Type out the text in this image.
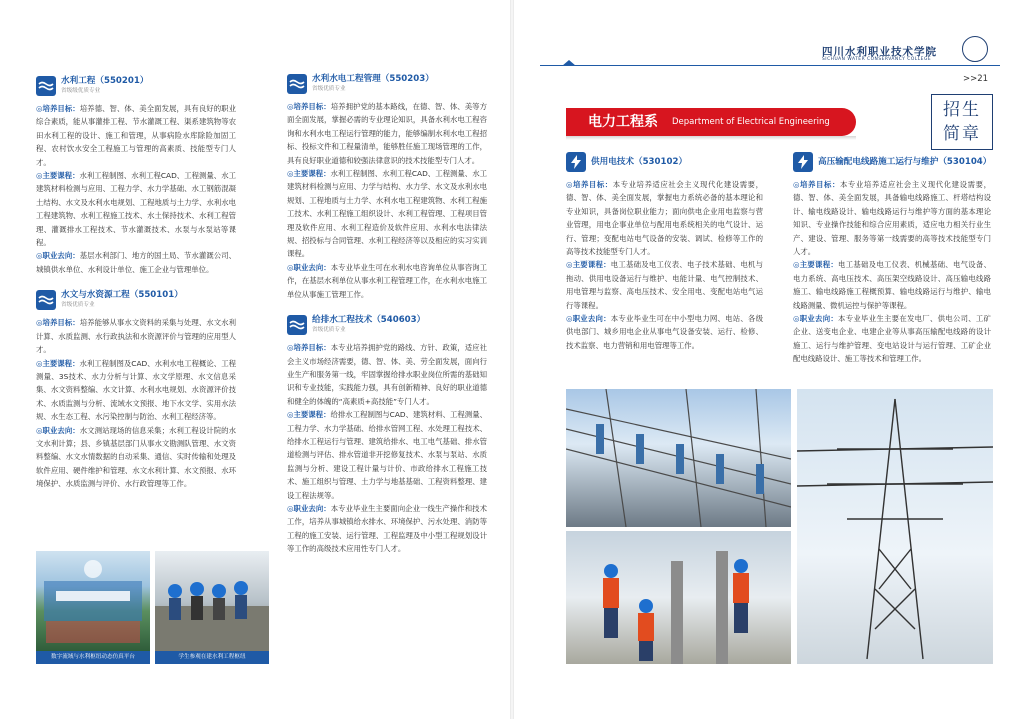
水利工程（550201）
省级级优质专业

◎培养目标：培养德、智、体、美全面发展，具有良好的职业综合素质，能从事灌排工程、节水灌溉工程、渠系建筑物等农田水利工程的设计、施工和管理，从事病险水库除险加固工程、农村饮水安全工程施工与管理的高素质、技能型专门人才。

◎主要课程：水利工程制图、水利工程CAD、工程测量、水工建筑材料检测与应用、工程力学、水力学基础、水工钢筋混凝土结构、水文及水利水电规划、工程地质与土力学、水利水电工程建筑物、水利工程施工技术、水土保持技术、水利工程管理、灌溉排水工程技术、节水灌溉技术、水泵与水泵站等课程。

◎职业去向：基层水利部门、地方的国土局、节水灌溉公司、城镇供水单位、水利设计单位、施工企业与管理单位。

水文与水资源工程（550101）
省级优质专业

◎培养目标：培养能够从事水文资料的采集与处理、水文水利计算、水质监测、水行政执法和水资源评价与管理的应用型人才。

◎主要课程：水利工程制图及CAD、水利水电工程概论、工程测量、3S技术、水力分析与计算、水文学原理、水文信息采集、水文资料整编、水文计算、水利水电规划、水资源评价技术、水质监测与分析、流域水文预报、地下水文学、实用水法规、水生态工程、水污染控制与防治、水利工程经济等。

◎职业去向：水文测站现场的信息采集；水利工程设计院的水文水利计算；县、乡镇基层部门从事水文勘测队管理、水文资料整编、水文水情数据的自动采集、通信、实时传输和处理及软件应用、硬件维护和管理、水文水利计算、水文预报、水环境保护、水质监测与评价、水行政管理等工作。

数字流域与水利枢纽动态仿真平台	学生参观在建水利工程枢纽
水利水电工程管理（550203）
省级优质专业

◎培养目标：培养拥护党的基本路线，在德、智、体、美等方面全面发展，掌握必需的专业理论知识，具备水利水电工程咨询和水利水电工程运行管理的能力，能够编制水利水电工程招标、投标文件和工程量清单，能够胜任施工现场管理的工作，具有良好职业道德和较强法律意识的技术技能型专门人才。

◎主要课程：水利工程制图、水利工程CAD、工程测量、水工建筑材料检测与应用、力学与结构、水力学、水文及水利水电规划、工程地质与土力学、水利水电工程建筑物、水利工程施工技术、水利工程施工组织设计、水利工程管理、工程项目管理及软件应用、水利工程造价及软件应用、水利水电法律法规、招投标与合同管理、水利工程经济等以及相应的实习实训课程。

◎职业去向：本专业毕业生可在水利水电咨询单位从事咨询工作，在基层水利单位从事水利工程管理工作，在水利水电施工单位从事施工管理工作。

给排水工程技术（540603）
省级优质专业

◎培养目标：本专业培养拥护党的路线、方针、政策，适应社会主义市场经济需要，德、智、体、美、劳全面发展，面向行业生产和服务第一线，牢固掌握给排水职业岗位所需的基础知识和专业技能，实践能力强，具有创新精神、良好的职业道德和健全的体魄的“高素质+高技能”专门人才。

◎主要课程：给排水工程制图与CAD、建筑材料、工程测量、工程力学、水力学基础、给排水管网工程、水处理工程技术、给排水工程运行与管理、建筑给排水、电工电气基础、排水管道检测与评估、排水管道非开挖修复技术、水泵与泵站、水质监测与分析、建设工程计量与计价、市政给排水工程施工技术、施工组织与管理、土力学与地基基础、工程资料整理、建设工程法规等。

◎职业去向：本专业毕业生主要面向企业一线生产操作和技术工作，培养从事城镇给水排水、环境保护、污水处理、消防等工程的施工安装、运行管理、工程监理及中小型工程规划设计等工作的高级技术应用性专门人才。

四川水利职业技术学院
SICHUAN WATER CONSERVANCY COLLEGE
>>21
招生
简章
电力工程系 Department of Electrical Engineering
供用电技术（530102）

◎培养目标：本专业培养适应社会主义现代化建设需要，德、智、体、美全面发展，掌握电力系统必备的基本理论和专业知识，具备岗位职业能力；面向供电企业用电监察与营业管理，用电企事业单位与配用电系统相关的电气设计、运行、管理；变配电站电气设备的安装、调试、检修等工作的高等技术技能型专门人才。

◎主要课程：电工基础及电工仪表、电子技术基础、电机与拖动、供用电设备运行与维护、电能计量、电气控制技术、用电管理与监察、高电压技术、安全用电、变配电站电气运行等课程。

◎职业去向：本专业毕业生可在中小型电力网、电站、各级供电部门、城乡用电企业从事电气设备安装、运行、检修、技术监察、电力营销和用电管理等工作。

高压输配电线路施工运行与维护（530104）

◎培养目标：本专业培养适应社会主义现代化建设需要，德、智、体、美全面发展，具备输电线路施工、杆塔结构设计、输电线路设计、输电线路运行与维护等方面的基本理论知识、专业操作技能和综合应用素质，适应电力相关行业生产、建设、管理、服务等第一线需要的高等技术技能型专门人才。

◎主要课程：电工基础及电工仪表、机械基础、电气设备、电力系统、高电压技术、高压架空线路设计、高压输电线路施工、输电线路施工程概预算、输电线路运行与维护、输电线路测量、微机运控与保护等课程。

◎职业去向：本专业毕业生主要在发电厂、供电公司、工矿企业、送变电企业、电建企业等从事高压输配电线路的设计施工、运行与维护管理、变电站设计与运行管理、工矿企业配电线路设计、施工等技术和管理工作。
